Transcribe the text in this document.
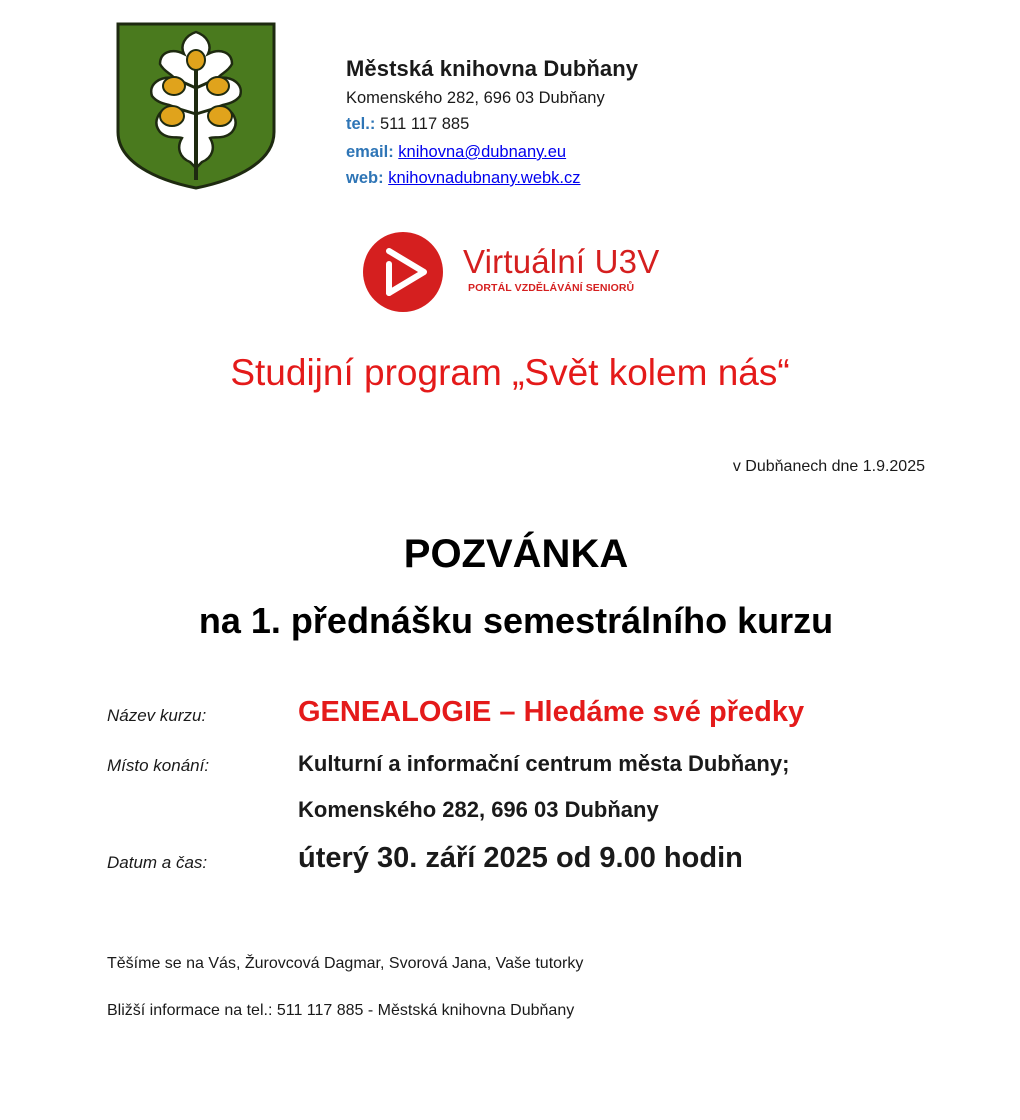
Městská knihovna Dubňany
Komenského 282, 696 03 Dubňany
tel.: 511 117 885
email: knihovna@dubnany.eu
web: knihovnadubnany.webk.cz
Virtuální U3V
PORTÁL VZDĚLÁVÁNÍ SENIORŮ
Studijní program „Svět kolem nás“
v Dubňanech dne 1.9.2025
POZVÁNKA
na 1. přednášku semestrálního kurzu
Název kurzu:	GENEALOGIE – Hledáme své předky
Místo konání:	Kulturní a informační centrum města Dubňany;
Komenského 282, 696 03 Dubňany
Datum a čas:	úterý 30. září 2025 od 9.00 hodin
Těšíme se na Vás, Žurovcová Dagmar, Svorová Jana, Vaše tutorky
Bližší informace na tel.: 511 117 885 - Městská knihovna Dubňany
